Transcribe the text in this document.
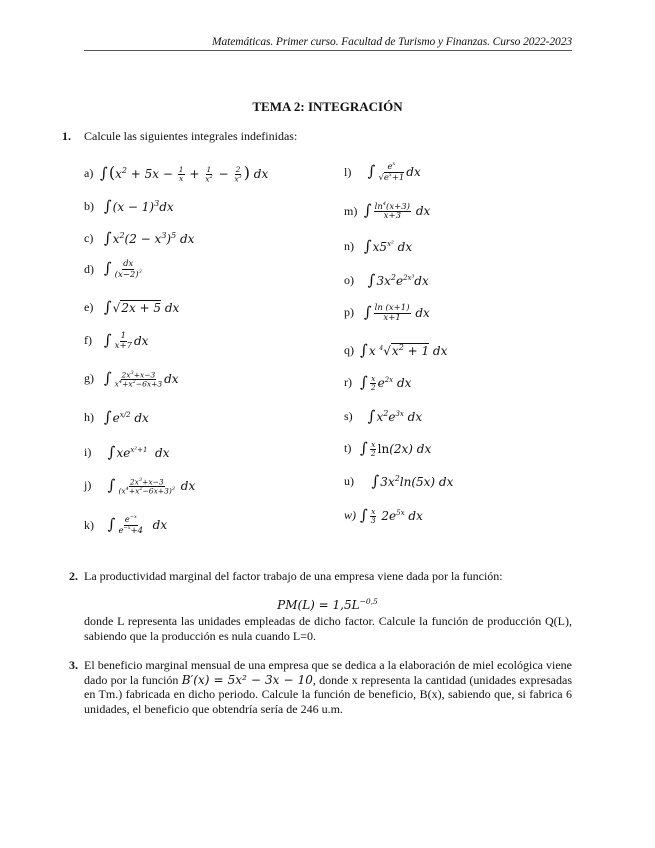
Matemáticas. Primer curso. Facultad de Turismo y Finanzas. Curso 2022-2023
TEMA 2: INTEGRACIÓN
1. Calcule las siguientes integrales indefinidas:
a) $\int(x^2 + 5x - \frac{1}{x} + \frac{1}{x^2} - \frac{2}{x^3}$ ) dx
b) $\int(x - 1)^3dx$
c) $\int x^2(2 - x^3)^5$ dx
d) ∫ $\frac{dx}{(x-2)^3}$
e) ∫√2x + 5 dx
f) ∫ $\frac{1}{x+7}$ dx
g) ∫ $\frac{2x^3+x-3}{x^4+x^2-6x+3}$ dx
h) $\int e^{x/2}$ dx
i)	$\int xe^{x^2+1}$  dx
j)	∫ $\frac{2x^3+x-3}{(x^4+x^2-6x+3)^3}$ dx
k) ∫ $\frac{e^{-x}}{e^{-x}+4}$ dx
l)	∫ $\frac{e^x}{√e^x+1}$ dx
m) ∫ $\frac{\ln^4(x+3)}{x+3}$ dx
n) $\int x5^{x^2}$ dx
o) $\int 3x^2e^{2x^3}dx$
p) ∫ $\frac{\ln (x+1)}{x+1}$ dx
q) ∫x $^4√x^2 + 1$ dx
r) ∫ $\frac{x}{2} e^{2x}$ dx
s) $\int x^2e^{3x}$ dx
t) ∫ $\frac{x}{2} \ln(2x)$ dx
u)	$\int 3x^2\ln(5x)$ dx
w) ∫ $\frac{x}{3} 2e^{5x}$ dx
2. La productividad marginal del factor trabajo de una empresa viene dada por la función:
$PM(L) = 1,5L^{-0,5}$
donde L representa las unidades empleadas de dicho factor. Calcule la función de producción Q(L), sabiendo que la producción es nula cuando L=0.
3. El beneficio marginal mensual de una empresa que se dedica a la elaboración de miel ecológica viene dado por la función B′(x) = 5x² − 3x − 10, donde x representa la cantidad (unidades expresadas en Tm.) fabricada en dicho periodo. Calcule la función de beneficio, B(x), sabiendo que, si fabrica 6 unidades, el beneficio que obtendría sería de 246 u.m.
